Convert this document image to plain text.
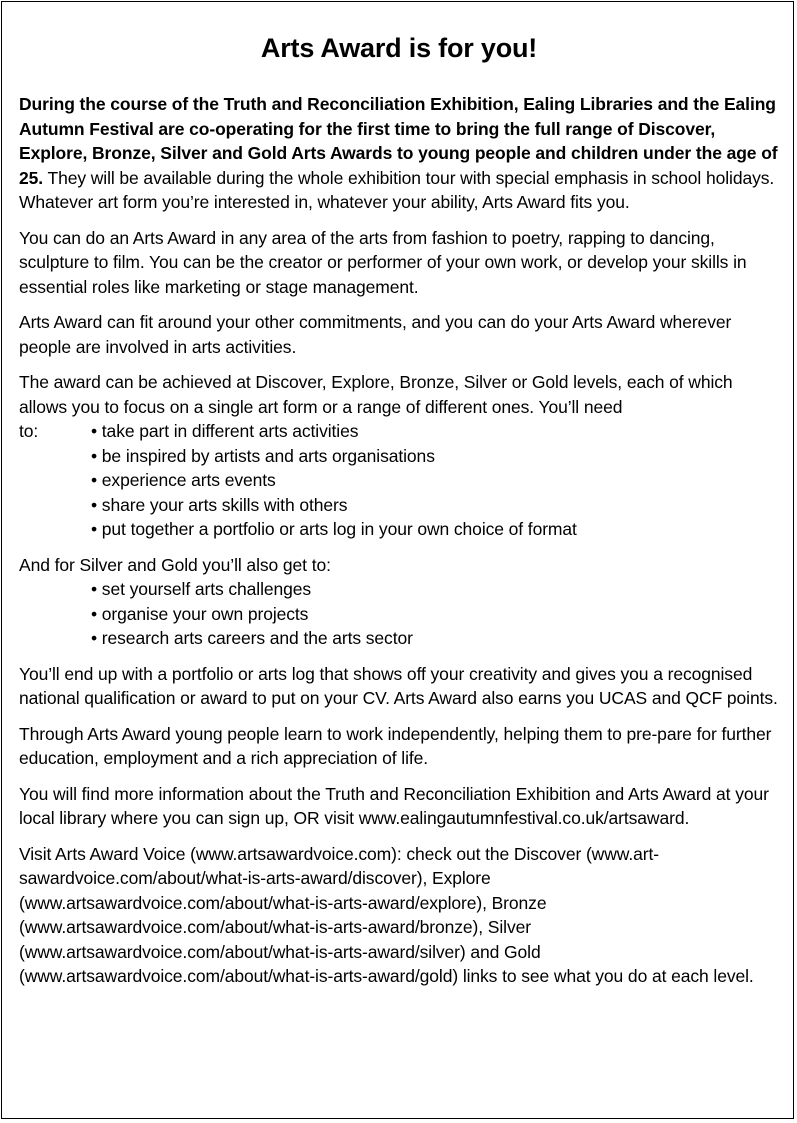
Arts Award is for you!

During the course of the Truth and Reconciliation Exhibition, Ealing Libraries and the Ealing Autumn Festival are co-operating for the first time to bring the full range of Discover, Explore, Bronze, Silver and Gold Arts Awards to young people and children under the age of 25. They will be available during the whole exhibition tour with special emphasis in school holidays. Whatever art form you’re interested in, whatever your ability, Arts Award fits you.

You can do an Arts Award in any area of the arts from fashion to poetry, rapping to dancing, sculpture to film. You can be the creator or performer of your own work, or develop your skills in essential roles like marketing or stage management.

Arts Award can fit around your other commitments, and you can do your Arts Award wherever people are involved in arts activities.

The award can be achieved at Discover, Explore, Bronze, Silver or Gold levels, each of which allows you to focus on a single art form or a range of different ones. You’ll need

to:
•	take part in different arts activities
• be inspired by artists and arts organisations
• experience arts events
• share your arts skills with others
• put together a portfolio or arts log in your own choice of format

And for Silver and Gold you’ll also get to:

• set yourself arts challenges
• organise your own projects
• research arts careers and the arts sector

You’ll end up with a portfolio or arts log that shows off your creativity and gives you a recognised national qualification or award to put on your CV. Arts Award also earns you UCAS and QCF points.

Through Arts Award young people learn to work independently, helping them to pre-pare for further education, employment and a rich appreciation of life.

You will find more information about the Truth and Reconciliation Exhibition and Arts Award at your local library where you can sign up, OR visit www.ealingautumnfestival.co.uk/artsaward.

Visit Arts Award Voice (www.artsawardvoice.com): check out the Discover (www.art-sawardvoice.com/about/what-is-arts-award/discover), Explore (www.artsawardvoice.com/about/what-is-arts-award/explore), Bronze (www.artsawardvoice.com/about/what-is-arts-award/bronze), Silver (www.artsawardvoice.com/about/what-is-arts-award/silver) and Gold (www.artsawardvoice.com/about/what-is-arts-award/gold) links to see what you do at each level.
